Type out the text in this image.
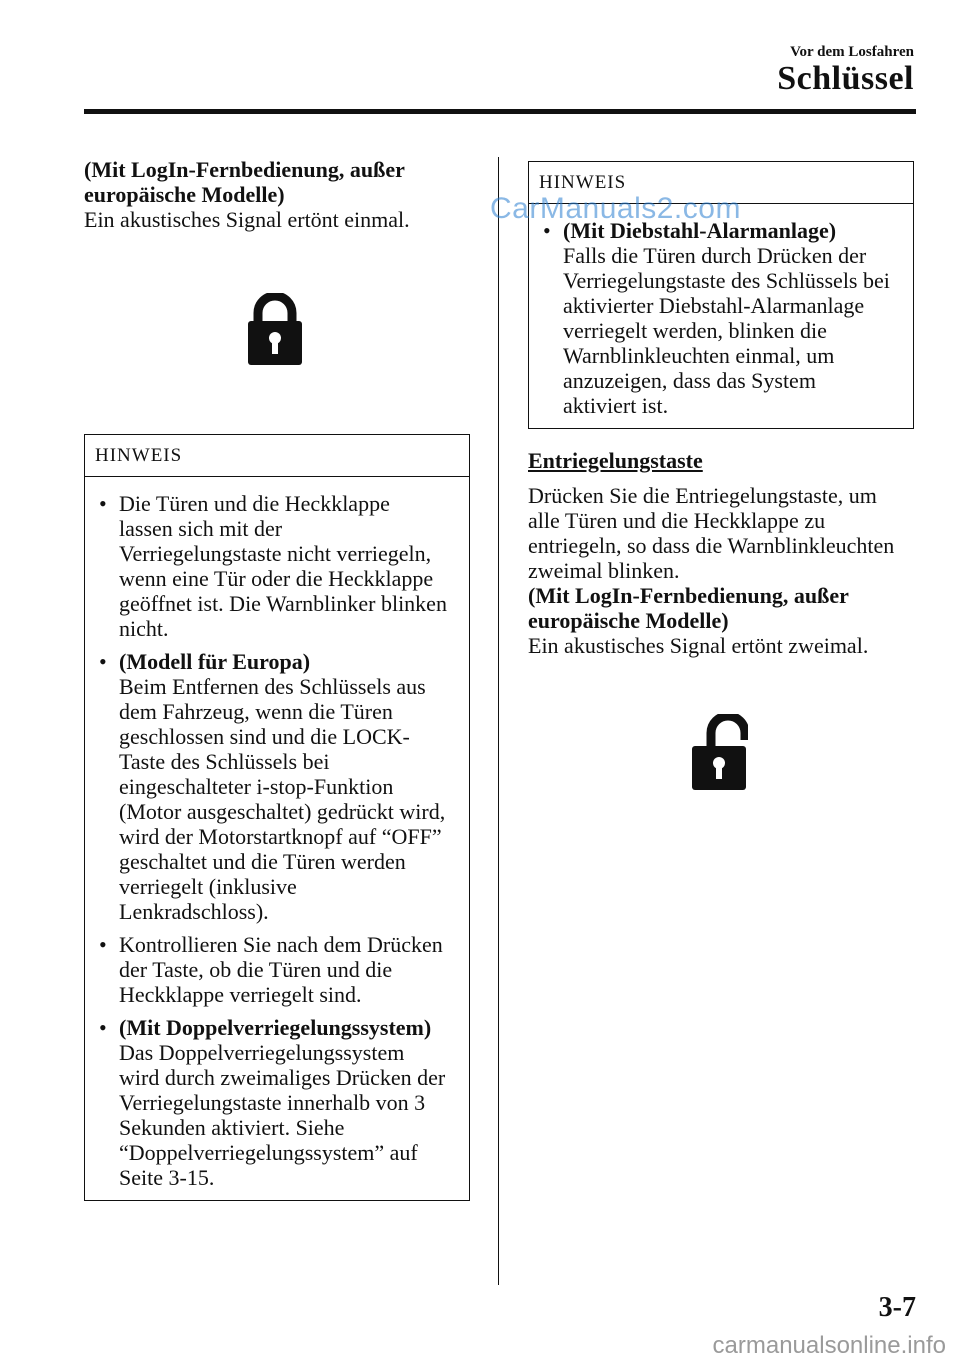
Vor dem Losfahren
Schlüssel
(Mit LogIn-Fernbedienung, außer
europäische Modelle)
Ein akustisches Signal ertönt einmal.
HINWEIS
• Die Türen und die Heckklappe
lassen sich mit der
Verriegelungstaste nicht verriegeln,
wenn eine Tür oder die Heckklappe
geöffnet ist. Die Warnblinker blinken
nicht.
• (Modell für Europa)
Beim Entfernen des Schlüssels aus
dem Fahrzeug, wenn die Türen
geschlossen sind und die LOCK-
Taste des Schlüssels bei
eingeschalteter i-stop-Funktion
(Motor ausgeschaltet) gedrückt wird,
wird der Motorstartknopf auf “OFF”
geschaltet und die Türen werden
verriegelt (inklusive
Lenkradschloss).
• Kontrollieren Sie nach dem Drücken
der Taste, ob die Türen und die
Heckklappe verriegelt sind.
• (Mit Doppelverriegelungssystem)
Das Doppelverriegelungssystem
wird durch zweimaliges Drücken der
Verriegelungstaste innerhalb von 3
Sekunden aktiviert. Siehe
“Doppelverriegelungssystem” auf
Seite 3-15.
HINWEIS
• (Mit Diebstahl-Alarmanlage)
Falls die Türen durch Drücken der
Verriegelungstaste des Schlüssels bei
aktivierter Diebstahl-Alarmanlage
verriegelt werden, blinken die
Warnblinkleuchten einmal, um
anzuzeigen, dass das System
aktiviert ist.
Entriegelungstaste
Drücken Sie die Entriegelungstaste, um
alle Türen und die Heckklappe zu
entriegeln, so dass die Warnblinkleuchten
zweimal blinken.
(Mit LogIn-Fernbedienung, außer
europäische Modelle)
Ein akustisches Signal ertönt zweimal.
CarManuals2.com
carmanualsonline.info
3-7
